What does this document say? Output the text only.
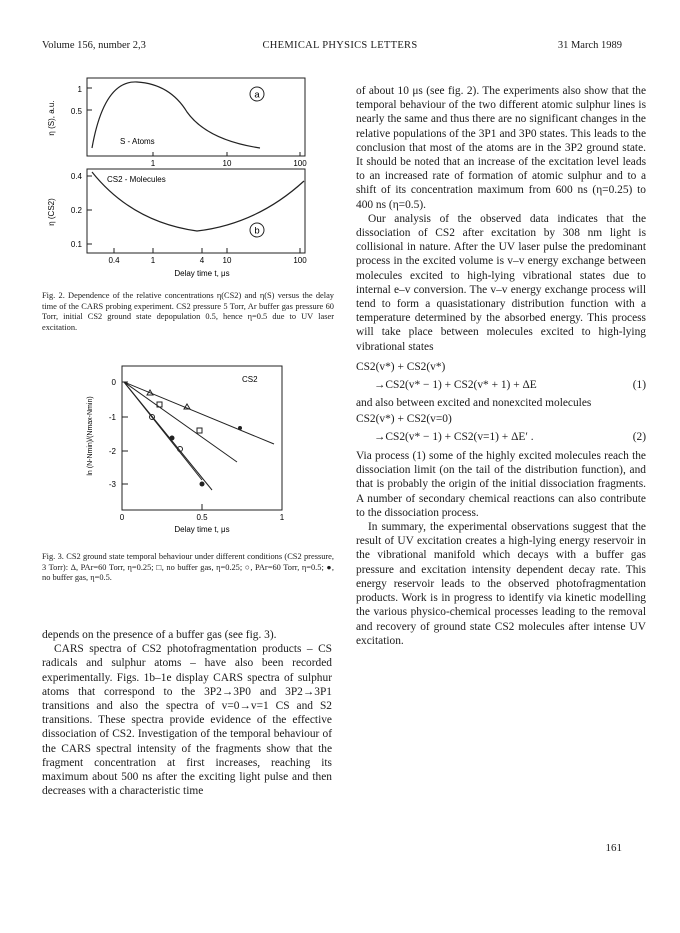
Volume 156, number 2,3	CHEMICAL PHYSICS LETTERS	31 March 1989
1
0.5
η (S), a.u.
S - Atoms
a
1	10	100
0.4
0.2
0.1
η (CS2)
CS2 - Molecules
b
0.4	1	4 10	100
Delay time t, μs

Fig. 2. Dependence of the relative concentrations η(CS2) and η(S) versus the delay time of the CARS probing experiment. CS2 pressure 5 Torr, Ar buffer gas pressure 60 Torr, initial CS2 ground state depopulation 0.5, hence η=0.5 due to UV laser excitation.

CS2
0
-1
-2
-3
ln (N-Nmin)/(Nmax-Nmin)
0	0.5	1
Delay time t, μs

Fig. 3. CS2 ground state temporal behaviour under different conditions (CS2 pressure, 3 Torr): Δ, PAr=60 Torr, η=0.25; □, no buffer gas, η=0.25; ○, PAr=60 Torr, η=0.5; ●, no buffer gas, η=0.5.

depends on the presence of a buffer gas (see fig. 3).

CARS spectra of CS2 photofragmentation products – CS radicals and sulphur atoms – have also been recorded experimentally. Figs. 1b–1e display CARS spectra of sulphur atoms that correspond to the 3P2→3P0 and 3P2→3P1 transitions and also the spectra of v=0→v=1 CS and S2 transitions. These spectra provide evidence of the effective dissociation of CS2. Investigation of the temporal behaviour of the CARS spectral intensity of the fragments show that the fragment concentration at first increases, reaching its maximum about 500 ns after the exciting light pulse and then decreases with a characteristic time

of about 10 μs (see fig. 2). The experiments also show that the temporal behaviour of the two different atomic sulphur lines is nearly the same and thus there are no significant changes in the relative populations of the 3P1 and 3P0 states. This leads to the conclusion that most of the atoms are in the 3P2 ground state. It should be noted that an increase of the excitation level leads to an increased rate of formation of atomic sulphur and to a shift of its concentration maximum from 600 ns (η=0.25) to 400 ns (η=0.5).

Our analysis of the observed data indicates that the dissociation of CS2 after excitation by 308 nm light is collisional in nature. After the UV laser pulse the predominant process in the excited volume is v–v energy exchange between molecules excited to high-lying vibrational states due to internal e–v conversion. The v–v energy exchange process will tend to form a quasistationary distribution function with a temperature determined by the absorbed energy. This process will take place between molecules excited to high-lying vibrational states

CS2(v*) + CS2(v*)
→CS2(v* − 1) + CS2(v* + 1) + ΔE	(1)

and also between excited and nonexcited molecules

CS2(v*) + CS2(v=0)
→CS2(v* − 1) + CS2(v=1) + ΔE′ .	(2)

Via process (1) some of the highly excited molecules reach the dissociation limit (on the tail of the distribution function), and that is probably the origin of the initial dissociation fragments. A number of secondary chemical reactions can also contribute to the dissociation process.

In summary, the experimental observations suggest that the result of UV excitation creates a high-lying energy reservoir in the vibrational manifold which decays with a buffer gas pressure and excitation intensity dependent decay rate. This energy reservoir leads to the observed photofragmentation products. Work is in progress to identify via kinetic modelling the various physico-chemical processes leading to the removal and recovery of ground state CS2 molecules after intense UV excitation.

161
